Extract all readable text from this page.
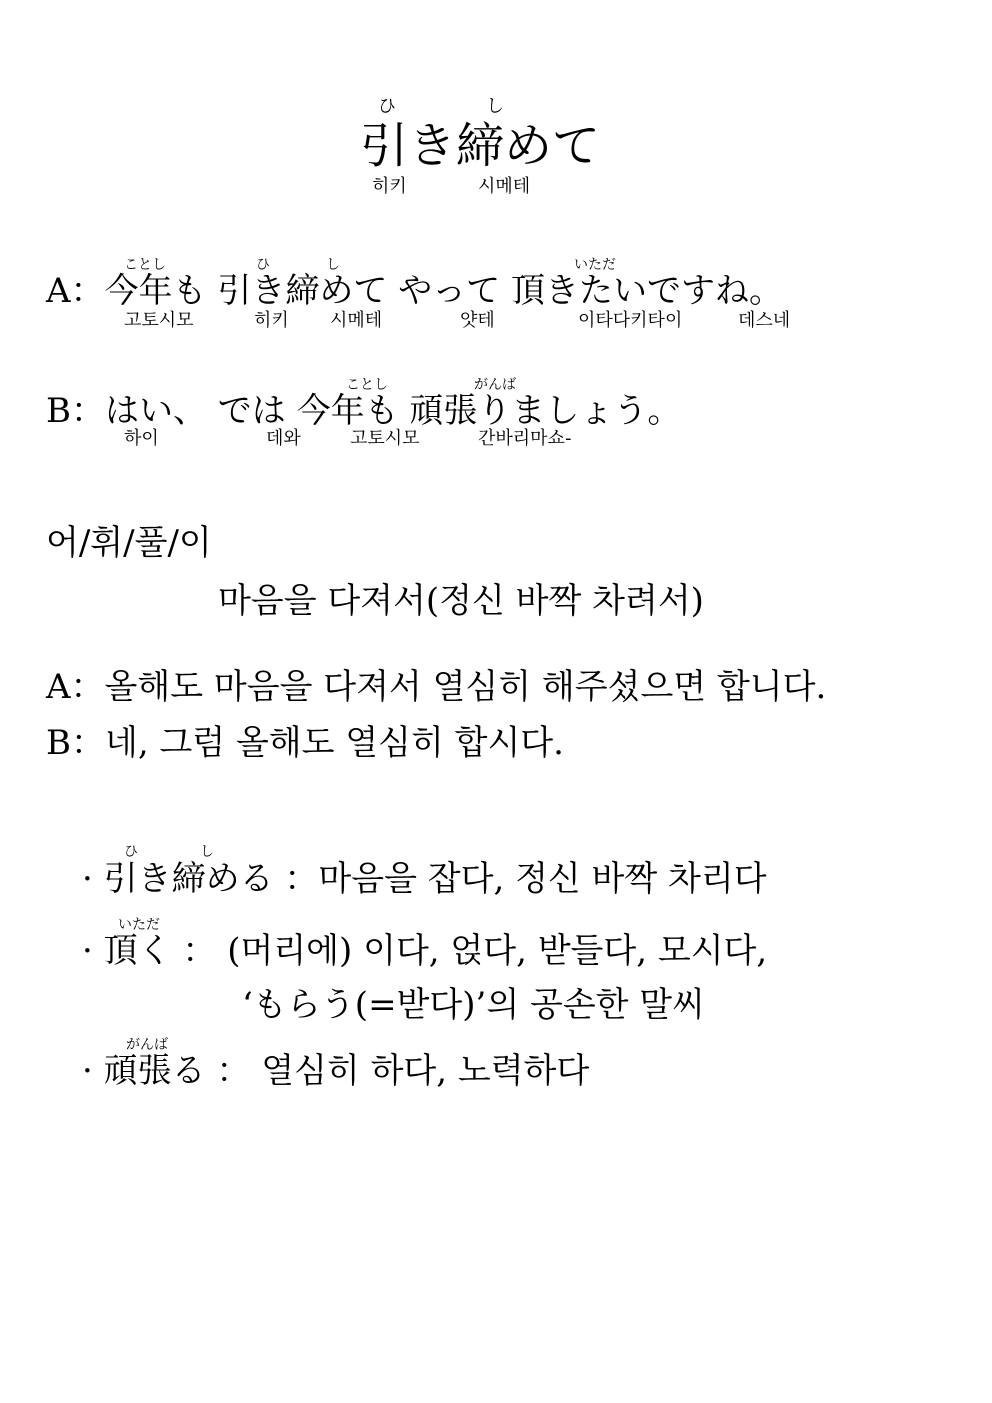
ひ	し
引き締めて
히키	시메테
ことし	ひ	し	いただ
A：今年も 引き締めて やって 頂きたいですね。
고토시모	히키 시메테	얏테	이타다키타이	데스네
ことし	がんば
B：はい、 では 今年も 頑張りましょう。
하이	데와	고토시모	간바리마쇼-
어/휘/풀/이
마음을 다져서(정신 바짝 차려서)
A：올해도 마음을 다져서 열심히 해주셨으면 합니다.
B：네, 그럼 올해도 열심히 합시다.
ひ	し
· 引き締める ：마음을 잡다, 정신 바짝 차리다
いただ
· 頂く ： (머리에) 이다, 얹다, 받들다, 모시다,
‘もらう(=받다)’의 공손한 말씨
がんば
· 頑張る ： 열심히 하다, 노력하다
